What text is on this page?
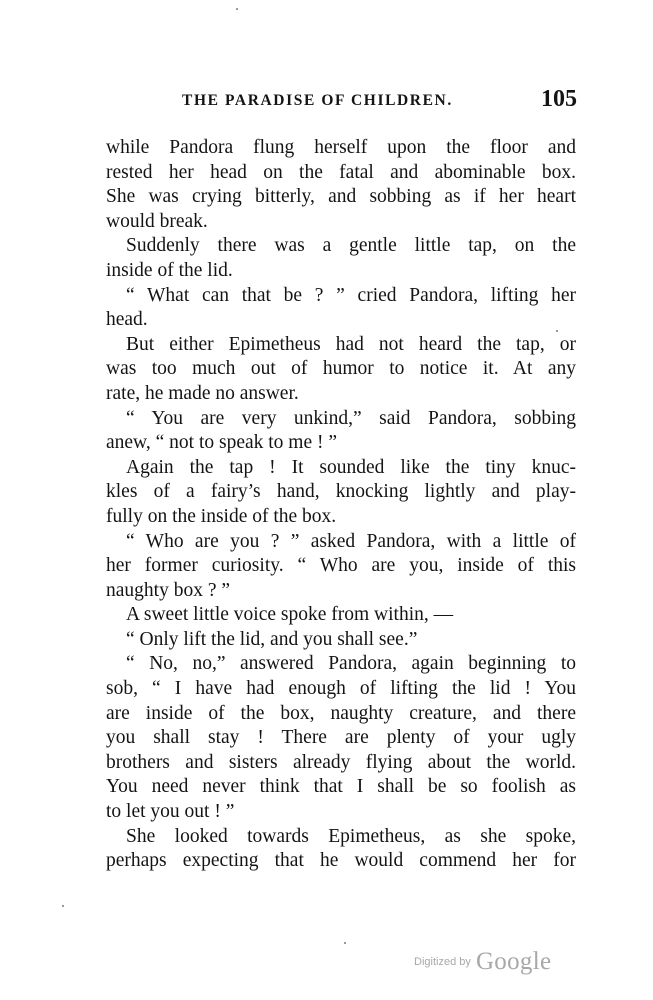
THE PARADISE OF CHILDREN.	105

while Pandora flung herself upon the floor and
rested her head on the fatal and abominable box.
She was crying bitterly, and sobbing as if her heart
would break.

Suddenly there was a gentle little tap, on the
inside of the lid.

“ What can that be ? ” cried Pandora, lifting her
head.

But either Epimetheus had not heard the tap, or
was too much out of humor to notice it. At any
rate, he made no answer.

“ You are very unkind,” said Pandora, sobbing
anew, “ not to speak to me ! ”

Again the tap ! It sounded like the tiny knuc-
kles of a fairy’s hand, knocking lightly and play-
fully on the inside of the box.

“ Who are you ? ” asked Pandora, with a little of
her former curiosity. “ Who are you, inside of this
naughty box ? ”

A sweet little voice spoke from within, —

“ Only lift the lid, and you shall see.”

“ No, no,” answered Pandora, again beginning to
sob, “ I have had enough of lifting the lid ! You
are inside of the box, naughty creature, and there
you shall stay ! There are plenty of your ugly
brothers and sisters already flying about the world.
You need never think that I shall be so foolish as
to let you out ! ”

She looked towards Epimetheus, as she spoke,
perhaps expecting that he would commend her for

Digitized by Google
